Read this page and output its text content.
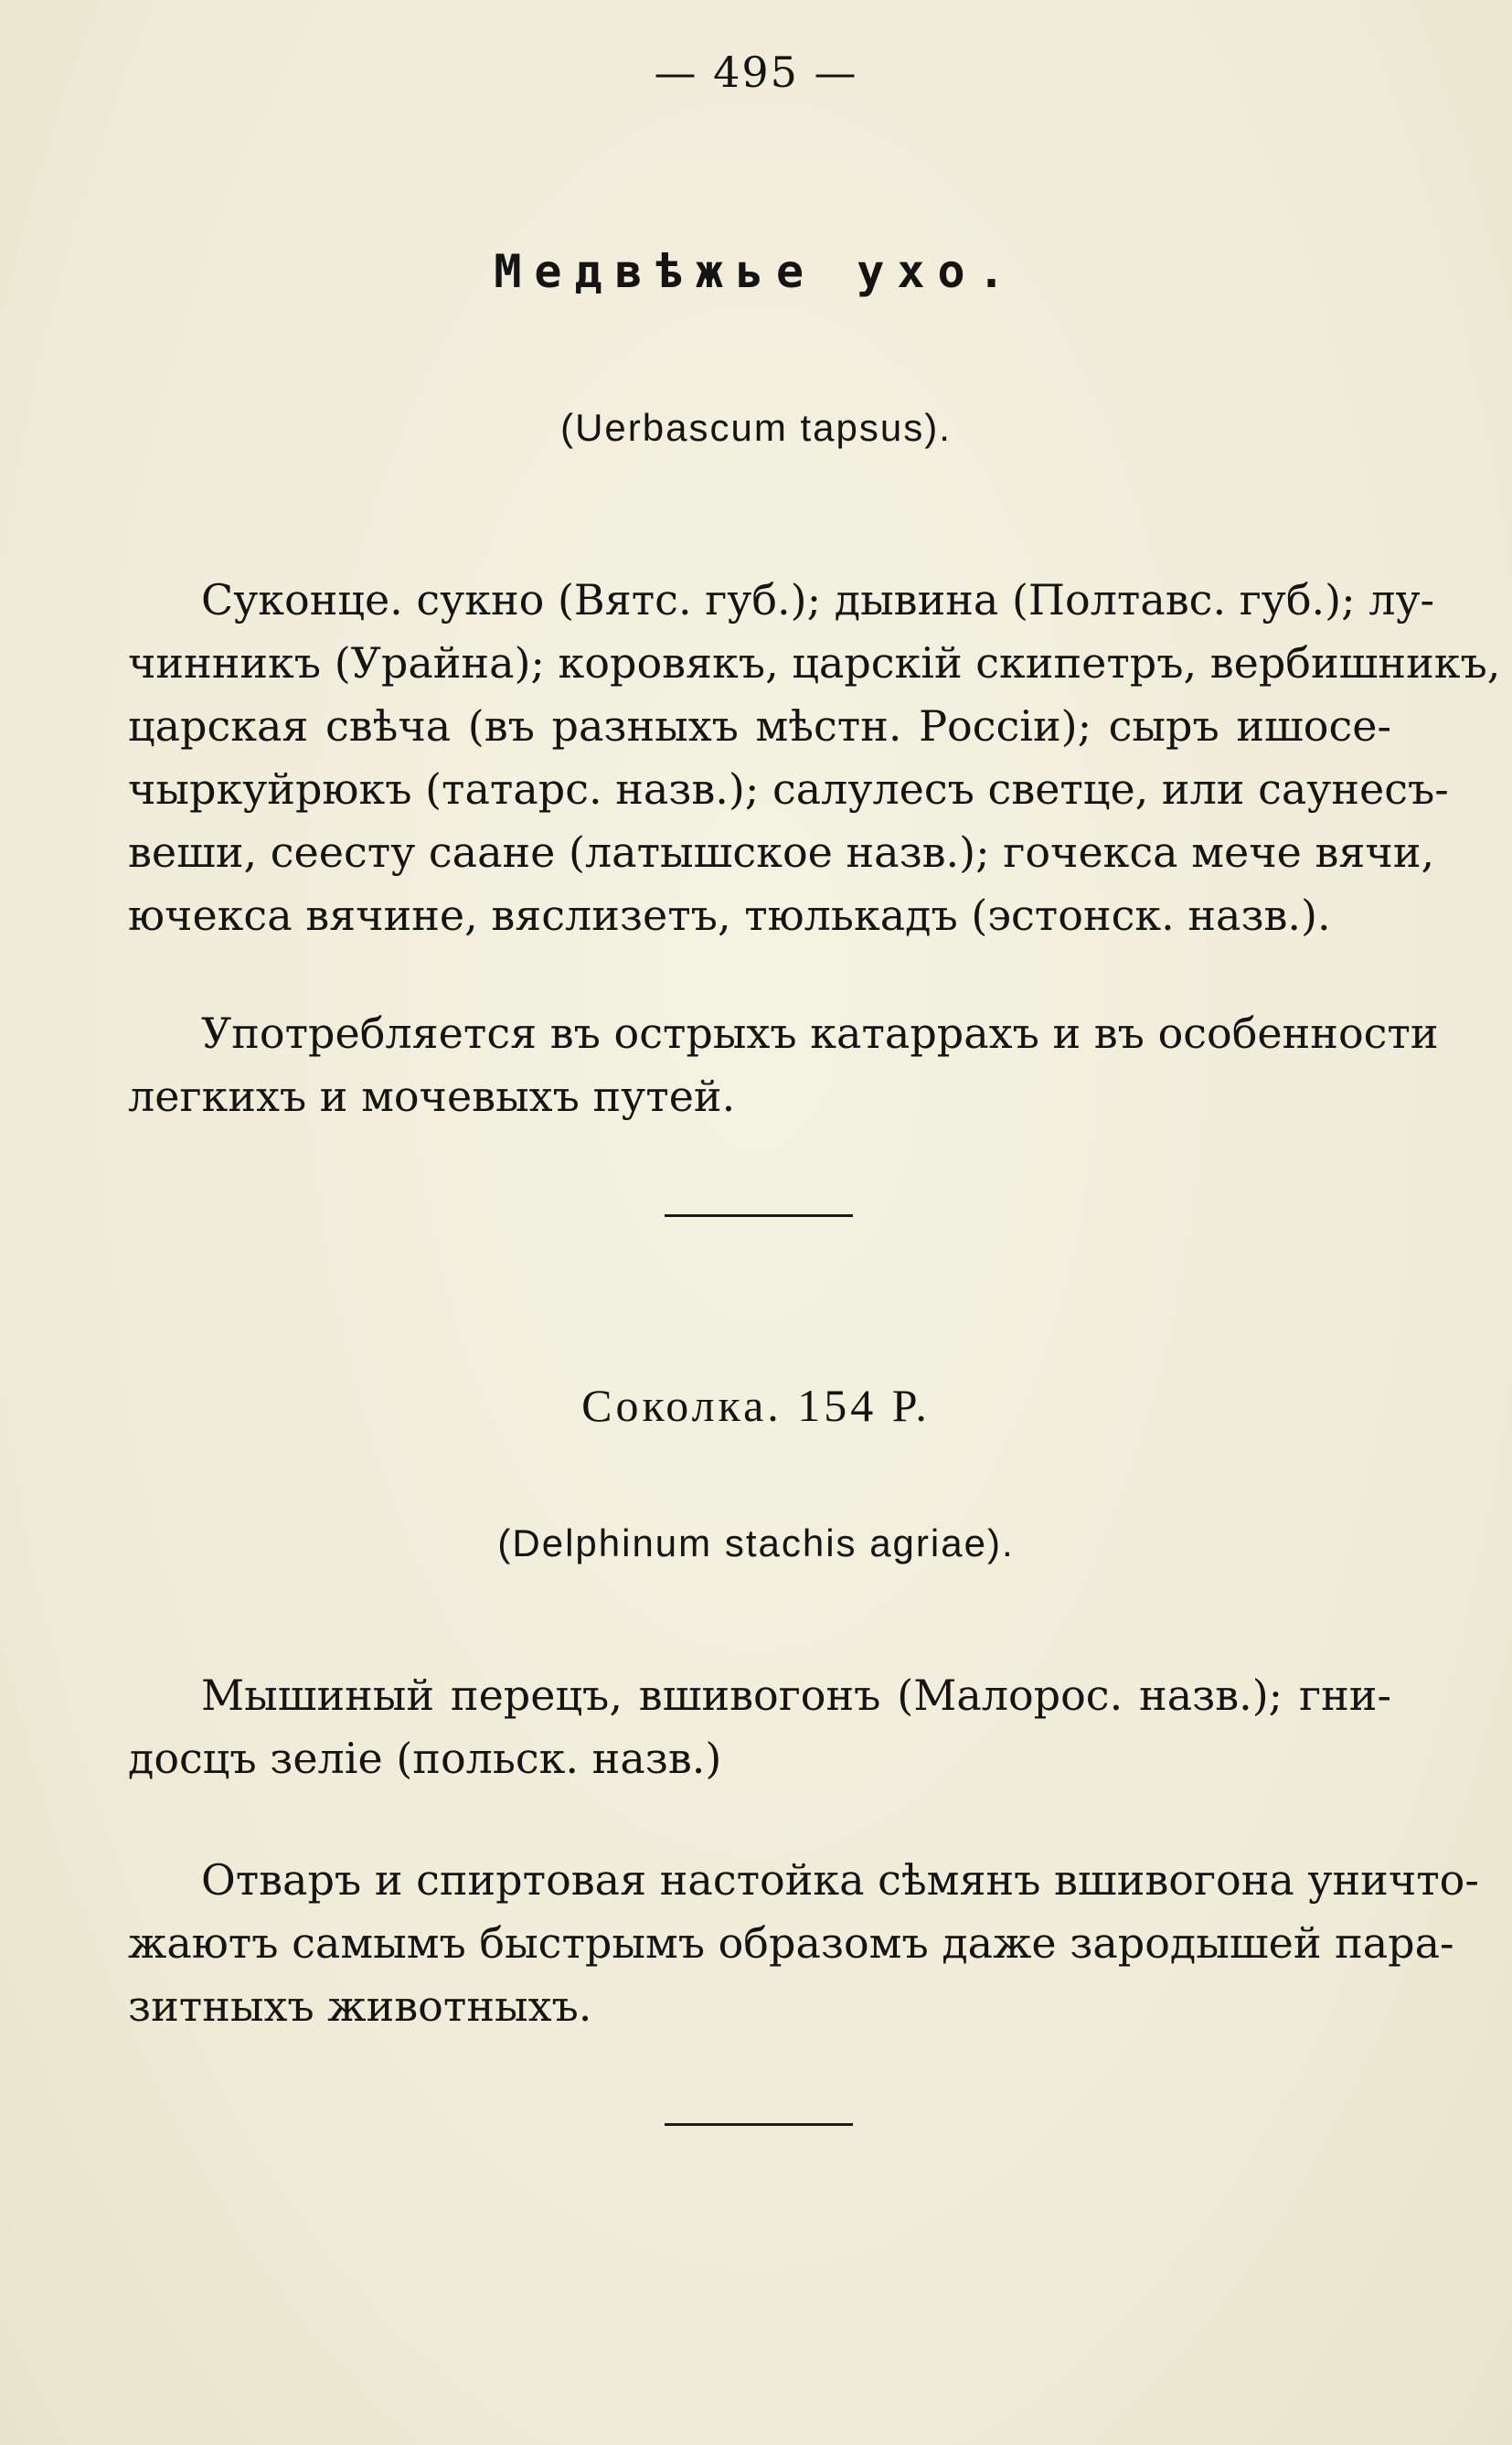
— 495 —
Медвѣжье ухо.
(Uerbascum tapsus).
Суконце. сукно (Вятс. губ.); дывина (Полтавс. губ.); лу-
чинникъ (Урайна); коровякъ, царскій скипетръ, вербишникъ,
царская свѣча (въ разныхъ мѣстн. Россіи); сыръ ишосе-
чыркуйрюкъ (татарс. назв.); салулесъ светце, или саунесъ-
веши, сеесту саане (латышское назв.); гочекса мече вячи,
ючекса вячине, вяслизетъ, тюлькадъ (эстонск. назв.).
Употребляется въ острыхъ катаррахъ и въ особенности
легкихъ и мочевыхъ путей.
Соколка. 154 Р.
(Delphinum stachis agriae).
Мышиный перецъ, вшивогонъ (Малорос. назв.); гни-
досцъ зеліе (польск. назв.)
Отваръ и спиртовая настойка сѣмянъ вшивогона уничто-
жаютъ самымъ быстрымъ образомъ даже зародышей пара-
зитныхъ животныхъ.
